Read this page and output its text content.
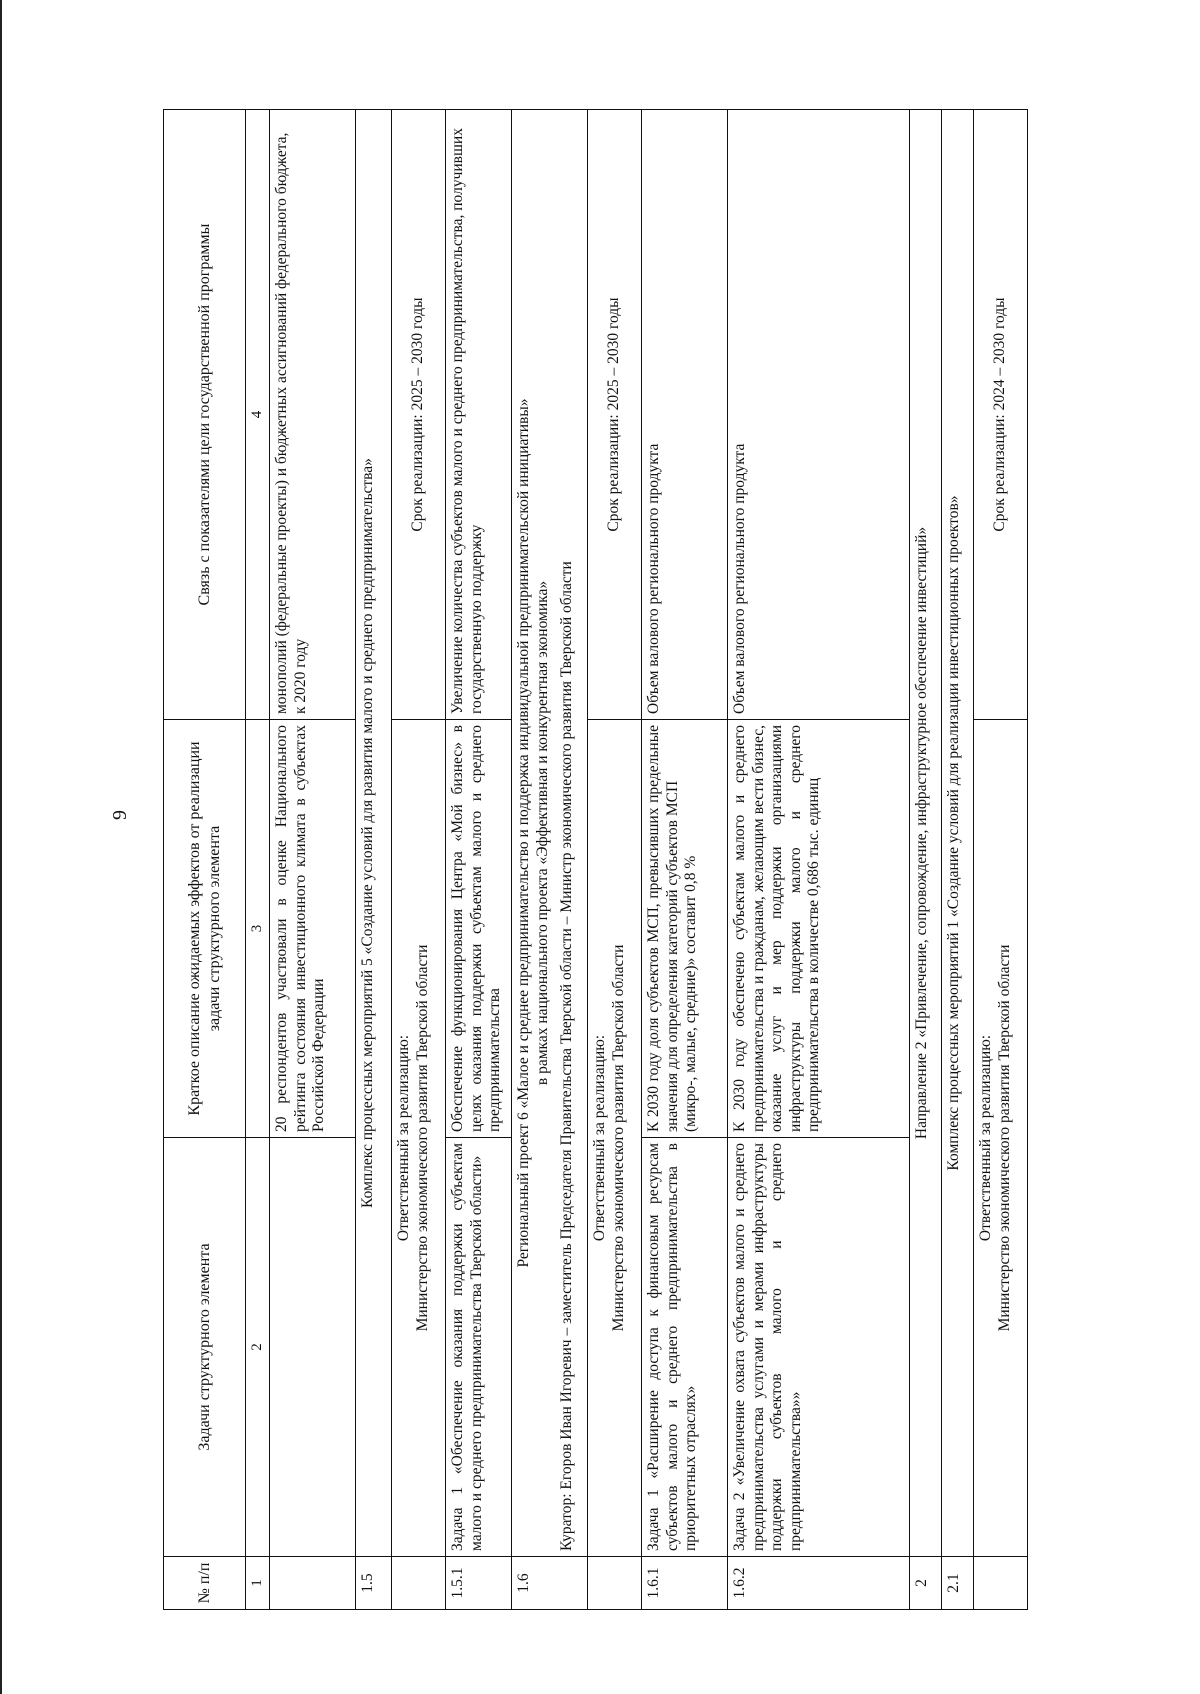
9
№ п/п	Задачи структурного элемента	Краткое описание ожидаемых эффектов от реализации задачи структурного элемента	Связь с показателями цели государственной программы
1	2	3	4
		20 респондентов участвовали в оценке Национального рейтинга состояния инвестиционного климата в субъектах Российской Федерации	монополий (федеральные проекты) и бюджетных ассигнований федерального бюджета,
к 2020 году
1.5	Комплекс процессных мероприятий 5 «Создание условий для развития малого и среднего предпринимательства»		

	Ответственный за реализацию: Министерство экономического развития Тверской области		Срок реализации: 2025 – 2030 годы
1.5.1	Задача 1 «Обеспечение оказания поддержки субъектам малого и среднего предпринимательства Тверской области»	Обеспечение функционирования Центра «Мой бизнес» в целях оказания поддержки субъектам малого и среднего предпринимательства	Увеличение количества субъектов малого и среднего предпринимательства, получивших государственную поддержку
1.6	Региональный проект 6 «Малое и среднее предпринимательство и поддержка индивидуальной предпринимательской инициативы» в рамках национального проекта «Эффективная и конкурентная экономика» Куратор: Егоров Иван Игоревич – заместитель Председателя Правительства Тверской области – Министр экономического развития Тверской области		

	Ответственный за реализацию: Министерство экономического развития Тверской области		Срок реализации: 2025 – 2030 годы
1.6.1	Задача 1 «Расширение доступа к финансовым ресурсам субъектов малого и среднего предпринимательства в приоритетных отраслях»	К 2030 году доля субъектов МСП, превысивших предельные значения для определения категорий субъектов МСП (микро-, малые, средние)» составит 0,8 %	Объем валового регионального продукта
1.6.2	Задача 2 «Увеличение охвата субъектов малого и среднего предпринимательства услугами и мерами инфраструктуры поддержки субъектов малого и среднего предпринимательства»»	К 2030 году обеспечено субъектам малого и среднего предпринимательства и гражданам, желающим вести бизнес, оказание услуг и мер поддержки организациями инфраструктуры поддержки малого и среднего предпринимательства в количестве 0,686 тыс. единиц	Объем валового регионального продукта
2	Направление 2 «Привлечение, сопровождение, инфраструктурное обеспечение инвестиций»		
2.1	Комплекс процессных мероприятий 1 «Создание условий для реализации инвестиционных проектов»		

	Ответственный за реализацию: Министерство экономического развития Тверской области		Срок реализации: 2024 – 2030 годы
